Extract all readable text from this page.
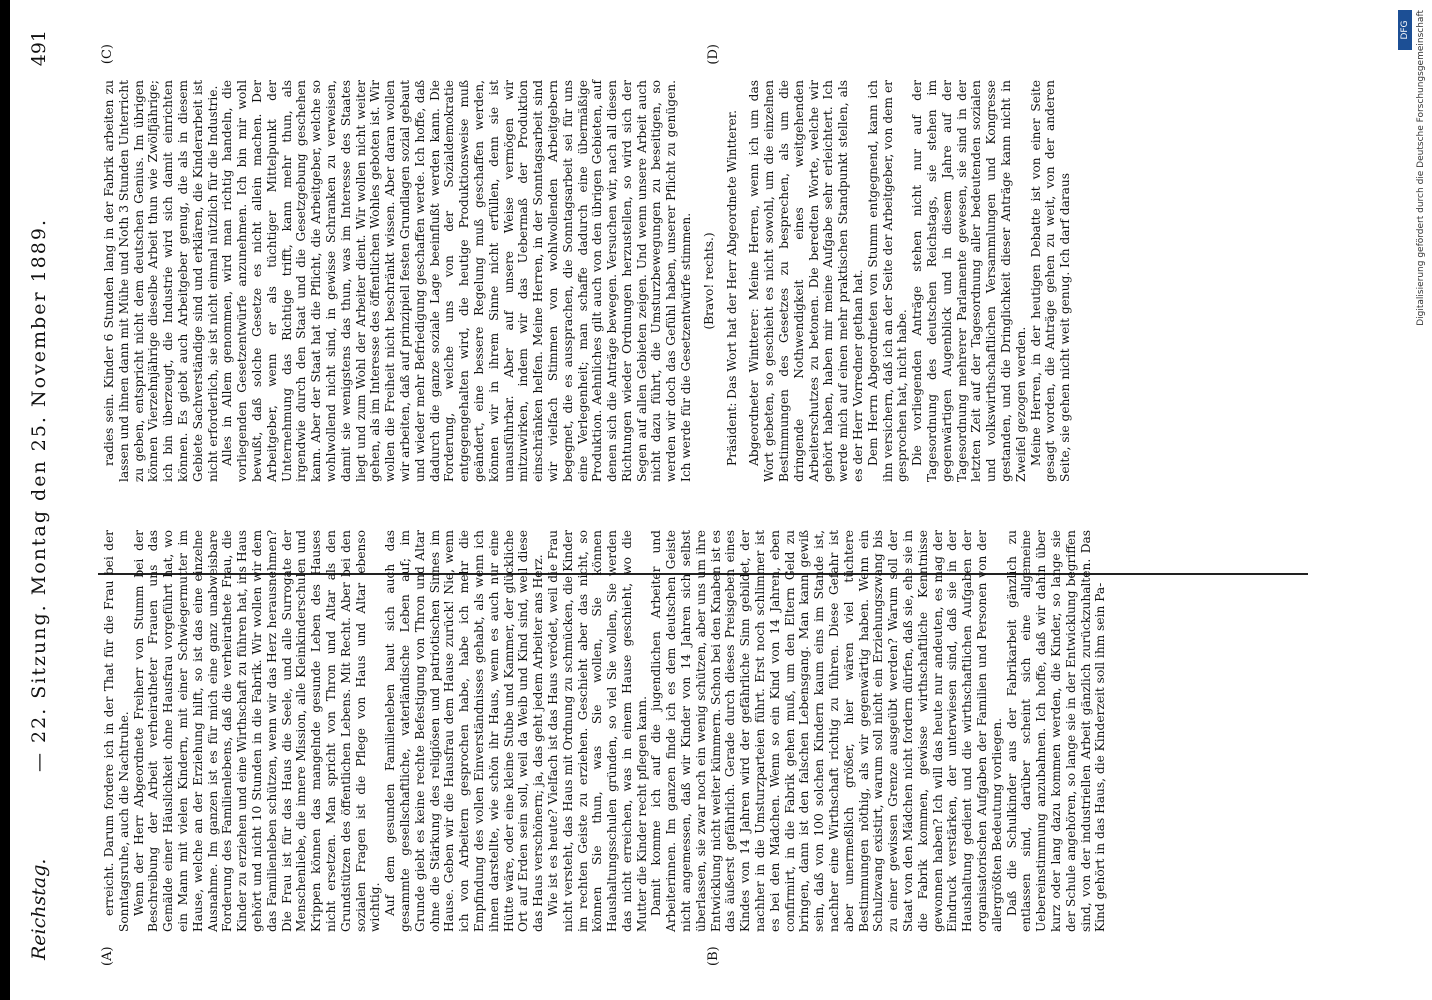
Reichstag.
— 22. Sitzung. Montag den 25. November 1889.
491
(A)	(B)
(C)	(D)

erreicht. Darum fordere ich in der That für die Frau bei der Sonntagsruhe, auch die Nachtruhe. Wenn der Herr Abgeordnete Freiherr von Stumm bei der Beschreibung der Arbeit verheiratheter Frauen uns das Gemälde einer Häuslichkeit ohne Hausfrau vorgeführt hat, wo ein Mann mit vielen Kindern, mit einer Schwiegermutter im Hause, welche an der Erziehung hilft, so ist das eine einzelne Ausnahme. Im ganzen ist es für mich eine ganz unabweisbare Forderung des Familienlebens, daß die verheirathete Frau, die Kinder zu erziehen und eine Wirthschaft zu führen hat, ins Haus gehört und nicht 10 Stunden in die Fabrik. Wir wollen wir dem das Familienleben schützen, wenn wir das Herz herausnehmen? Die Frau ist für das Haus die Seele, und alle Surrogate der Menschenliebe, die innere Mission, alle Kleinkinderschulen und Krippen können das mangelnde gesunde Leben des Hauses nicht ersetzen. Man spricht von Thron und Altar als den Grundstützen des öffentlichen Lebens. Mit Recht. Aber bei den sozialen Fragen ist die Pflege von Haus und Altar ebenso wichtig. Auf dem gesunden Familienleben baut sich auch das gesammte gesellschaftliche, vaterländische Leben auf; im Grunde giebt es keine rechte Befestigung von Thron und Altar ohne die Stärkung des religiösen und patriotischen Sinnes im Hause. Geben wir die Hausfrau dem Hause zurück! Nie, wenn ich von Arbeitern gesprochen habe, habe ich mehr die Empfindung des vollen Einverständnisses gehabt, als wenn ich ihnen darstellte, wie schön ihr Haus, wenn es auch nur eine Hütte wäre, oder eine kleine Stube und Kammer, der glückliche Ort auf Erden sein soll, weil da Weib und Kind sind, weil diese das Haus verschönern; ja, das geht jedem Arbeiter ans Herz. Wie ist es heute? Vielfach ist das Haus verödet, weil die Frau nicht versteht, das Haus mit Ordnung zu schmücken, die Kinder im rechten Geiste zu erziehen. Geschieht aber das nicht, so können Sie thun, was Sie wollen, Sie können Haushaltungsschulen gründen, so viel Sie wollen, Sie werden das nicht erreichen, was in einem Hause geschieht, wo die Mutter die Kinder recht pflegen kann. Damit komme ich auf die jugendlichen Arbeiter und Arbeiterinnen. Im ganzen finde ich es dem deutschen Geiste nicht angemessen, daß wir Kinder von 14 Jahren sich selbst überlassen, sie zwar noch ein wenig schützen, aber uns um ihre Entwicklung nicht weiter kümmern. Schon bei den Knaben ist es das äußerst gefährlich. Gerade durch dieses Preisgeben eines Kindes von 14 Jahren wird der gefährliche Sinn gebildet, der nachher in die Umsturzparteien führt. Erst noch schlimmer ist es bei den Mädchen. Wenn so ein Kind von 14 Jahren, eben confirmirt, in die Fabrik gehen muß, um den Eltern Geld zu bringen, dann ist den falschen Lebensgang. Man kann gewiß sein, daß von 100 solchen Kindern kaum eins im Stande ist, nachher eine Wirthschaft richtig zu führen. Diese Gefahr ist aber unermeßlich größer, hier wären viel tüchtere Bestimmungen nöthig, als wir gegenwärtig haben. Wenn ein Schulzwang existirt, warum soll nicht ein Erziehungszwang bis zu einer gewissen Grenze ausgeübt werden? Warum soll der Staat von den Mädchen nicht fordern dürfen, daß sie, ehe sie in die Fabrik kommen, gewisse wirthschaftliche Kenntnisse gewonnen haben? Ich will das heute nur andeuten, es mag der Eindruck verstärken, der unterwiesen sind, daß sie in der Haushaltung gedient und die wirthschaftlichen Aufgaben der organisatorischen Aufgaben der Familien und Personen von der allergrößten Bedeutung vorliegen. Daß die Schulkinder aus der Fabrikarbeit gänzlich zu entlassen sind, darüber scheint sich eine allgemeine Uebereinstimmung anzubahnen. Ich hoffe, daß wir dahin über kurz oder lang dazu kommen werden, die Kinder, so lange sie der Schule angehören, so lange sie in der Entwicklung begriffen sind, von der industriellen Arbeit gänzlich zurückzuhalten. Das Kind gehört in das Haus, die Kinderzeit soll ihm sein Pa-

radies sein. Kinder 6 Stunden lang in der Fabrik arbeiten zu lassen und ihnen dann mit Mühe und Noth 3 Stunden Unterricht zu geben, entspricht nicht dem deutschen Genius. Im übrigen können Vierzehnjährige dieselbe Arbeit thun wie Zwölfjährige; ich bin überzeugt, die Industrie wird sich damit einrichten können. Es giebt auch Arbeitgeber genug, die als in diesem Gebiete Sachverständige sind und erklären, die Kinderarbeit ist nicht erforderlich, sie ist nicht einmal nützlich für die Industrie. Alles in Allem genommen, wird man richtig handeln, die vorliegenden Gesetzentwürfe anzunehmen. Ich bin mir wohl bewußt, daß solche Gesetze es nicht allein machen. Der Arbeitgeber, wenn er als tüchtiger Mittelpunkt der Unternehmung das Richtige trifft, kann mehr thun, als irgendwie durch den Staat und die Gesetzgebung geschehen kann. Aber der Staat hat die Pflicht, die Arbeitgeber, welche so wohlwollend nicht sind, in gewisse Schranken zu verweisen, damit sie wenigstens das thun, was im Interesse des Staates liegt und zum Wohl der Arbeiter dient. Wir wollen nicht weiter gehen, als im Interesse des öffentlichen Wohles geboten ist. Wir wollen die Freiheit nicht beschränkt wissen. Aber daran wollen wir arbeiten, daß auf prinzipiell festen Grundlagen sozial gebaut und wieder mehr Befriedigung geschaffen werde. Ich hoffe, daß dadurch die ganze soziale Lage beeinflußt werden kann. Die Forderung, welche uns von der Sozialdemokratie entgegengehalten wird, die heutige Produktionsweise muß geändert, eine bessere Regelung muß geschaffen werden, können wir in ihrem Sinne nicht erfüllen, denn sie ist unausführbar. Aber auf unsere Weise vermögen wir mitzuwirken, indem wir das Uebermaß der Produktion einschränken helfen. Meine Herren, in der Sonntagsarbeit sind wir vielfach Stimmen von wohlwollenden Arbeitgebern begegnet, die es aussprachen, die Sonntagsarbeit sei für uns eine Verlegenheit; man schaffe dadurch eine übermäßige Produktion. Aehnliches gilt auch von den übrigen Gebieten, auf denen sich die Anträge bewegen. Versuchen wir, nach all diesen Richtungen wieder Ordnungen herzustellen, so wird sich der Segen auf allen Gebieten zeigen. Und wenn unsere Arbeit auch nicht dazu führt, die Umsturzbewegungen zu beseitigen, so werden wir doch das Gefühl haben, unserer Pflicht zu genügen. Ich werde für die Gesetzentwürfe stimmen. (Bravo! rechts.) Präsident: Das Wort hat der Herr Abgeordnete Wintterer. Abgeordneter Wintterer: Meine Herren, wenn ich um das Wort gebeten, so geschieht es nicht sowohl, um die einzelnen Bestimmungen des Gesetzes zu besprechen, als um die dringende Nothwendigkeit eines weitgehenden Arbeiterschutzes zu betonen. Die beredten Worte, welche wir gehört haben, haben mir meine Aufgabe sehr erleichtert. Ich werde mich auf einen mehr praktischen Standpunkt stellen, als es der Herr Vorredner gethan hat. Dem Herrn Abgeordneten von Stumm entgegnend, kann ich ihn versichern, daß ich an der Seite der Arbeitgeber, von dem er gesprochen hat, nicht habe. Die vorliegenden Anträge stehen nicht nur auf der Tagesordnung des deutschen Reichstags, sie stehen im gegenwärtigen Augenblick und in diesem Jahre auf der Tagesordnung mehrerer Parlamente gewesen, sie sind in der letzten Zeit auf der Tagesordnung aller bedeutenden sozialen und volkswirthschaftlichen Versammlungen und Kongresse gestanden, und die Dringlichkeit dieser Anträge kann nicht in Zweifel gezogen werden. Meine Herren, in der heutigen Debatte ist von einer Seite gesagt worden, die Anträge gehen zu weit, von der anderen Seite, sie gehen nicht weit genug. Ich darf daraus

DFG Digitalisierung gefördert durch die Deutsche Forschungsgemeinschaft
